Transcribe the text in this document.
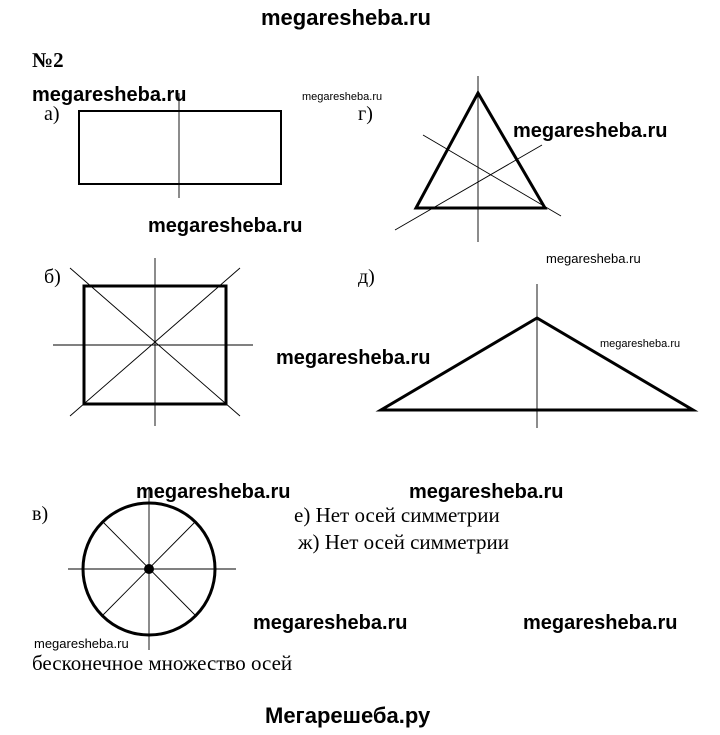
megaresheba.ru
№2
а)	г)
б)	д)
в)	е) Нет осей симметрии
ж) Нет осей симметрии
бесконечное множество осей
megaresheba.ru	megaresheba.ru
megaresheba.ru
megaresheba.ru
megaresheba.ru
megaresheba.ru
megaresheba.ru
megaresheba.ru	megaresheba.ru
megaresheba.ru	megaresheba.ru
megaresheba.ru
Мегарешеба.ру
